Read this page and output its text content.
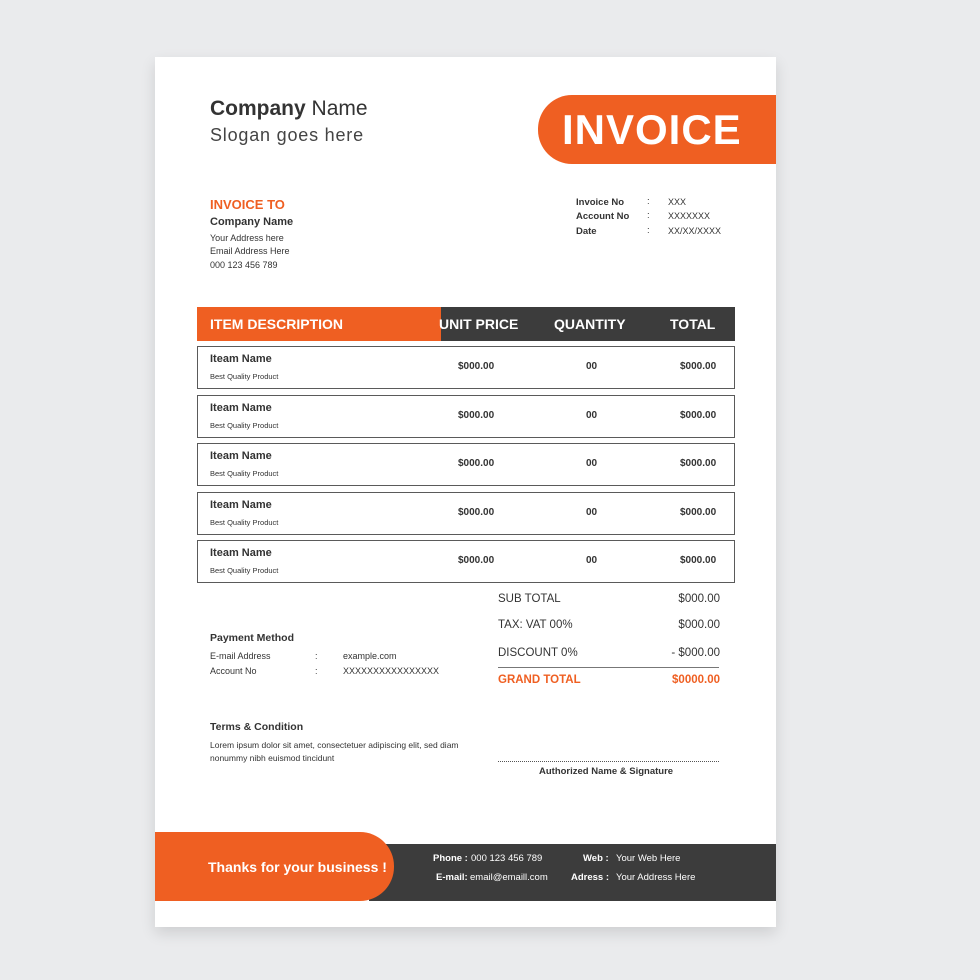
Company Name
Slogan goes here	INVOICE
INVOICE TO
Company Name
Your Address here
Email Address Here
000 123 456 789
Invoice No : XXX
Account No : XXXXXXX
Date	: XX/XX/XXXX
ITEM DESCRIPTION	UNIT PRICE	QUANTITY	TOTAL
Iteam Name
Best Quality Product
$000.00	00	$000.00
Iteam Name
Best Quality Product
$000.00	00	$000.00
Iteam Name
Best Quality Product
$000.00	00	$000.00
Iteam Name
Best Quality Product
$000.00	00	$000.00
Iteam Name
Best Quality Product
$000.00	00	$000.00
SUB TOTAL	$000.00
TAX: VAT 00%	$000.00
DISCOUNT 0%	- $000.00
GRAND TOTAL	$0000.00
Payment Method
E-mail Address	:	example.com
Account No	:	XXXXXXXXXXXXXXXX
Terms & Condition
Lorem ipsum dolor sit amet, consectetuer adipiscing elit, sed diam
nonummy nibh euismod tincidunt
Authorized Name & Signature
Phone : 000 123 456 789
E-mail: email@emaill.com
Web : Your Web Here
Adress : Your Address Here
Thanks for your business !
